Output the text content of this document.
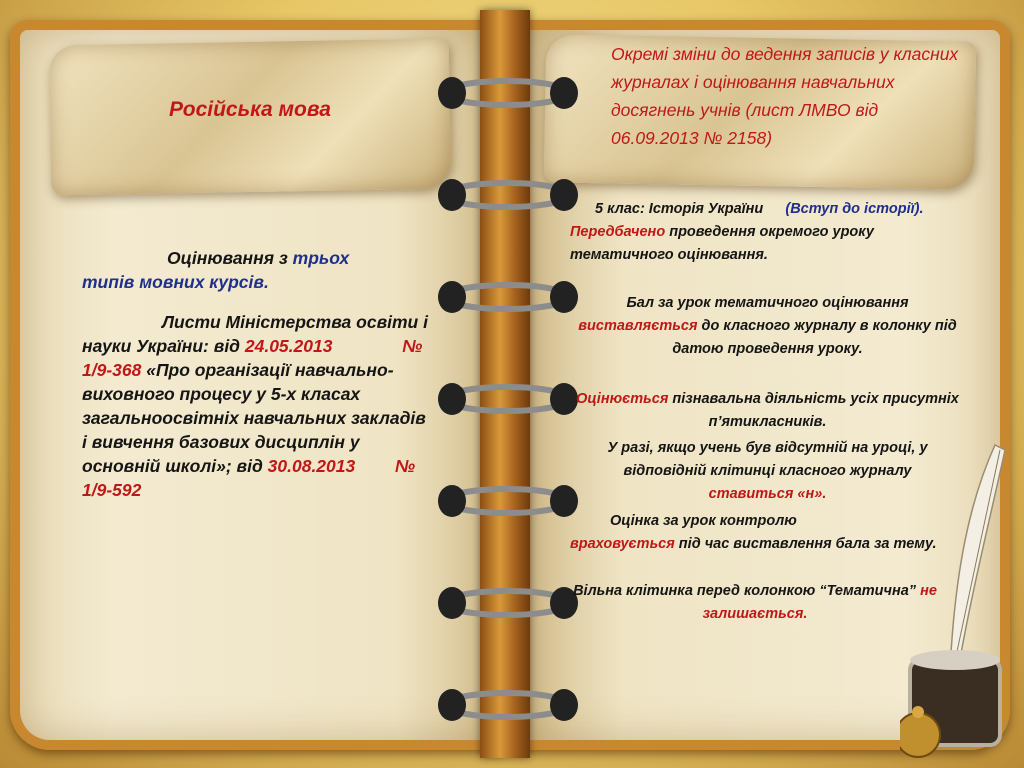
Російська мова
Окремі зміни до ведення записів у класних журналах і оцінювання навчальних досягнень учнів (лист ЛМВО від 06.09.2013 № 2158)
Оцінювання з трьох
типів мовних курсів.
Листи Міністерства освіти і науки України: від 24.05.2013	№ 1/9-368 «Про організації навчально-виховного процесу у 5-х класах загальноосвітніх навчальних закладів і вивчення базових дисциплін у основній школі»; від 30.08.2013 № 1/9-592
5 клас: Історія України (Вступ до історії).
Передбачено проведення окремого уроку тематичного оцінювання.
Бал за урок тематичного оцінювання виставляється до класного журналу в колонку під датою проведення уроку.
Оцінюється пізнавальна діяльність усіх присутніх п’ятикласників.
У разі, якщо учень був відсутній на уроці, у відповідній клітинці класного журналу
ставиться «н».
Оцінка за урок контролю
враховується під час виставлення бала за тему.
Вільна клітинка перед колонкою “Тематична” не залишається.
